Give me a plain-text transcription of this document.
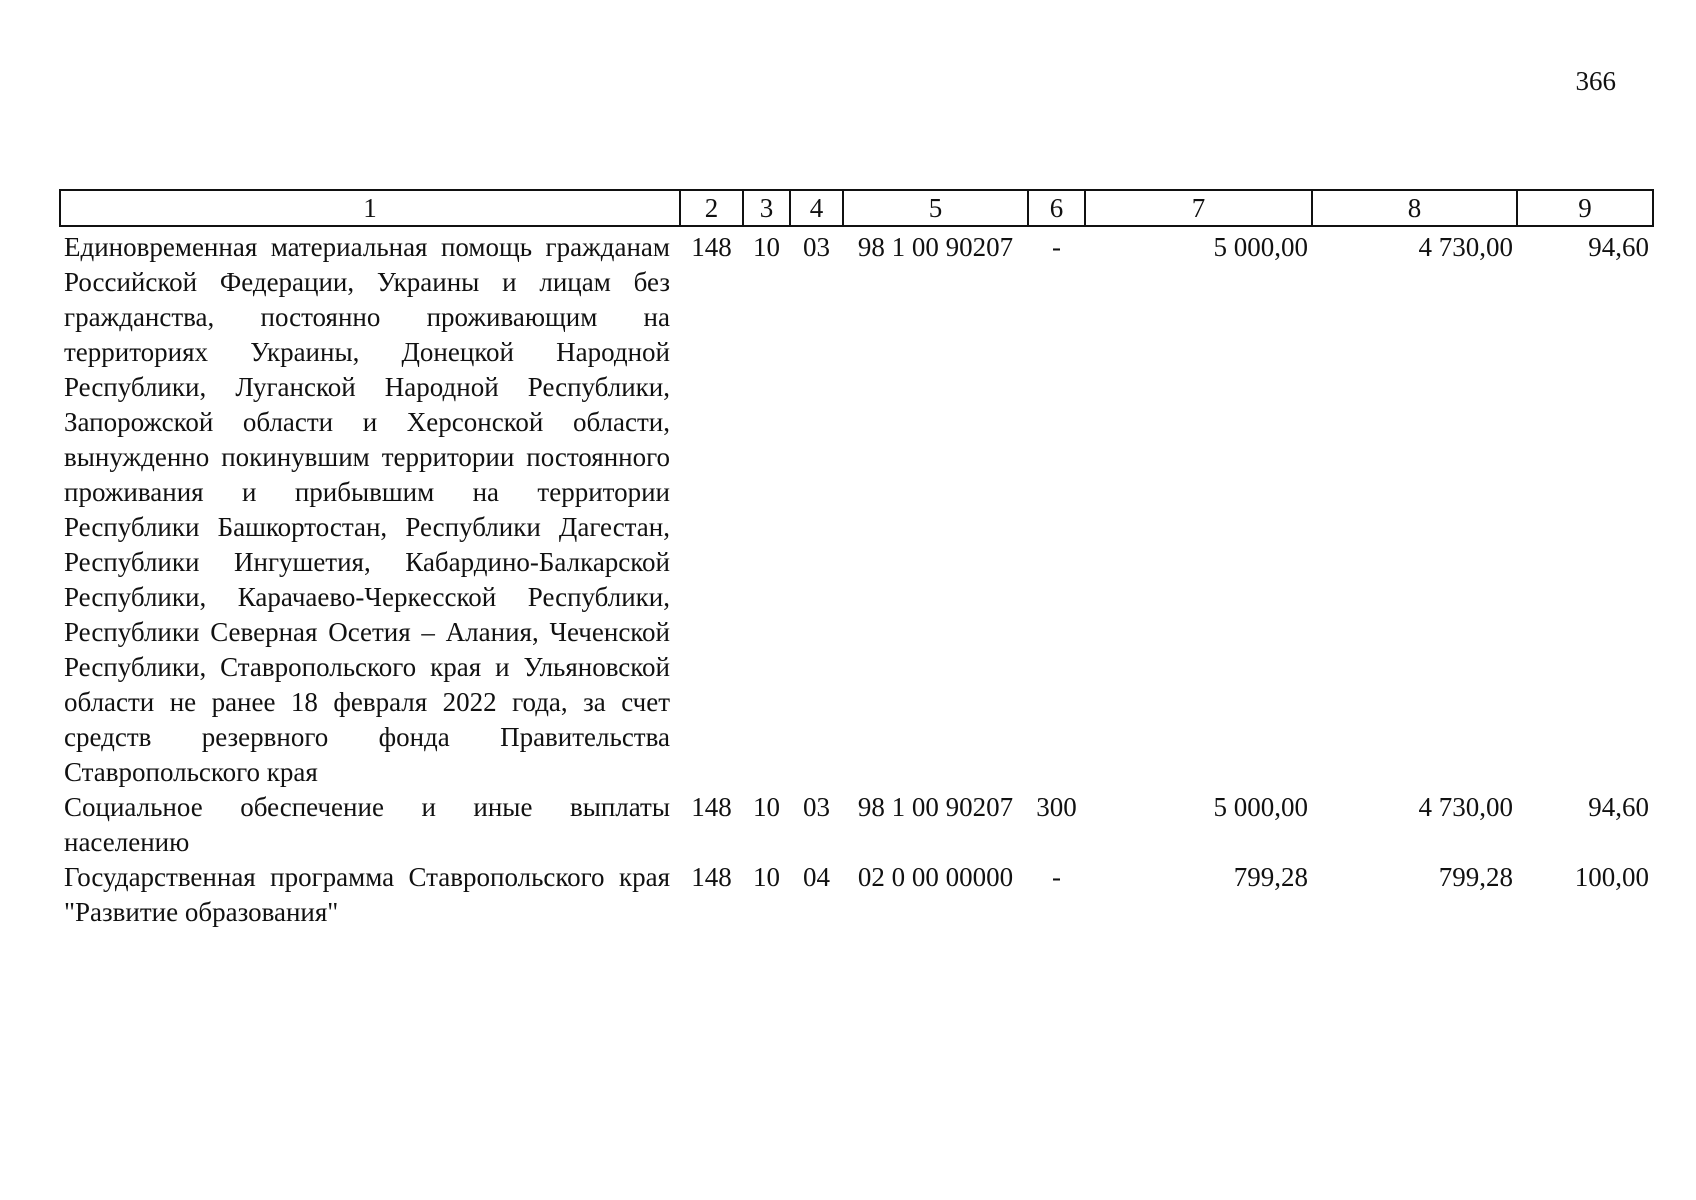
366
1	2	3	4	5	6	7	8	9
Единовременная материальная помощь гражданам Российской Федерации, Украины и лицам без гражданства, постоянно проживающим на территориях Украины, Донецкой Народной Республики, Луганской Народной Республики, Запорожской области и Херсонской области, вынужденно покинувшим территории постоянного проживания и прибывшим на территории Республики Башкортостан, Республики Дагестан, Республики Ингушетия, Кабардино-Балкарской Республики, Карачаево-Черкесской Республики, Республики Северная Осетия – Алания, Чеченской Республики, Ставропольского края и Ульяновской области не ранее 18 февраля 2022 года, за счет средств резервного фонда Правительства Ставропольского края	148	10	03	98 1 00 90207	-	5 000,00	4 730,00	94,60
Социальное обеспечение и иные выплаты населению	148	10	03	98 1 00 90207	300	5 000,00	4 730,00	94,60
Государственная программа Ставропольского края "Развитие образования"	148	10	04	02 0 00 00000	-	799,28	799,28	100,00
